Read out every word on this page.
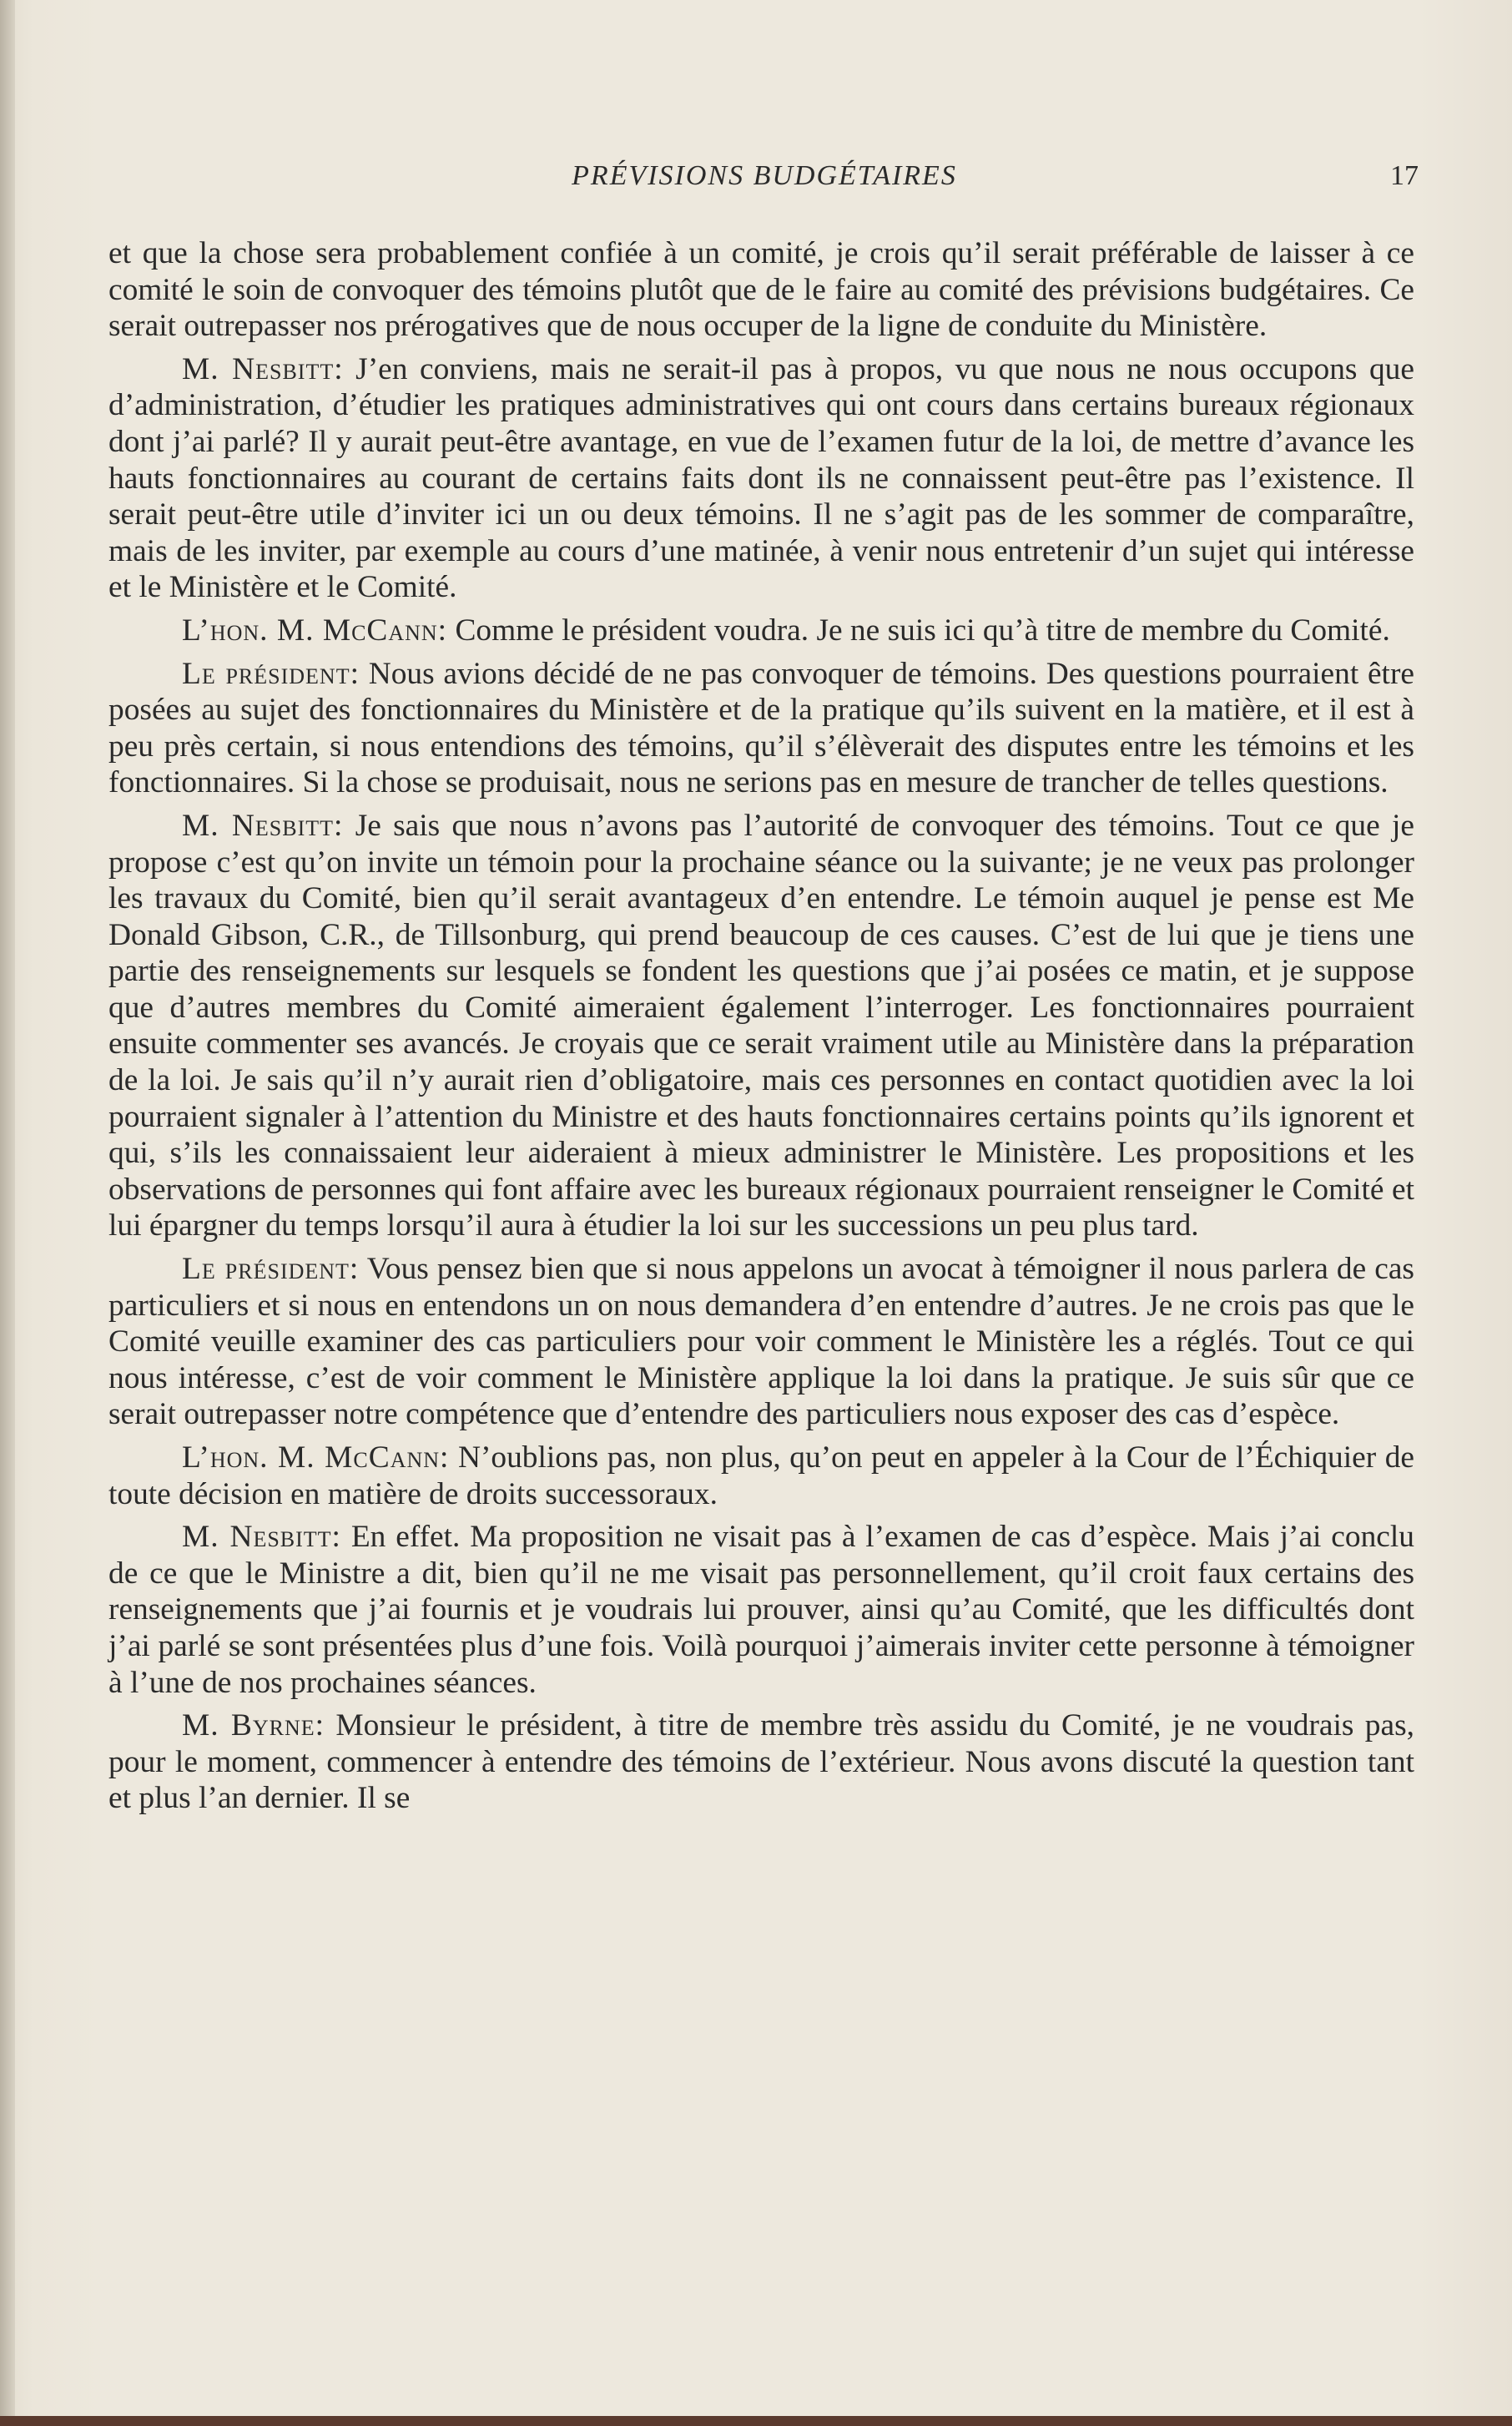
PRÉVISIONS BUDGÉTAIRES	17

et que la chose sera probablement confiée à un comité, je crois qu’il serait préférable de laisser à ce comité le soin de convoquer des témoins plutôt que de le faire au comité des prévisions budgétaires. Ce serait outrepasser nos prérogatives que de nous occuper de la ligne de conduite du Ministère.

M. Nesbitt: J’en conviens, mais ne serait-il pas à propos, vu que nous ne nous occupons que d’administration, d’étudier les pratiques administratives qui ont cours dans certains bureaux régionaux dont j’ai parlé? Il y aurait peut-être avantage, en vue de l’examen futur de la loi, de mettre d’avance les hauts fonctionnaires au courant de certains faits dont ils ne connaissent peut-être pas l’existence. Il serait peut-être utile d’inviter ici un ou deux témoins. Il ne s’agit pas de les sommer de comparaître, mais de les inviter, par exemple au cours d’une matinée, à venir nous entretenir d’un sujet qui intéresse et le Ministère et le Comité.

L’hon. M. McCann: Comme le président voudra. Je ne suis ici qu’à titre de membre du Comité.

Le président: Nous avions décidé de ne pas convoquer de témoins. Des questions pourraient être posées au sujet des fonctionnaires du Ministère et de la pratique qu’ils suivent en la matière, et il est à peu près certain, si nous entendions des témoins, qu’il s’élèverait des disputes entre les témoins et les fonctionnaires. Si la chose se produisait, nous ne serions pas en mesure de trancher de telles questions.

M. Nesbitt: Je sais que nous n’avons pas l’autorité de convoquer des témoins. Tout ce que je propose c’est qu’on invite un témoin pour la prochaine séance ou la suivante; je ne veux pas prolonger les travaux du Comité, bien qu’il serait avantageux d’en entendre. Le témoin auquel je pense est Me Donald Gibson, C.R., de Tillsonburg, qui prend beaucoup de ces causes. C’est de lui que je tiens une partie des renseignements sur lesquels se fondent les questions que j’ai posées ce matin, et je suppose que d’autres membres du Comité aimeraient également l’interroger. Les fonctionnaires pourraient ensuite commenter ses avancés. Je croyais que ce serait vraiment utile au Ministère dans la préparation de la loi. Je sais qu’il n’y aurait rien d’obligatoire, mais ces personnes en contact quotidien avec la loi pourraient signaler à l’attention du Ministre et des hauts fonctionnaires certains points qu’ils ignorent et qui, s’ils les connaissaient leur aideraient à mieux administrer le Ministère. Les propositions et les observations de personnes qui font affaire avec les bureaux régionaux pourraient renseigner le Comité et lui épargner du temps lorsqu’il aura à étudier la loi sur les successions un peu plus tard.

Le président: Vous pensez bien que si nous appelons un avocat à témoigner il nous parlera de cas particuliers et si nous en entendons un on nous demandera d’en entendre d’autres. Je ne crois pas que le Comité veuille examiner des cas particuliers pour voir comment le Ministère les a réglés. Tout ce qui nous intéresse, c’est de voir comment le Ministère applique la loi dans la pratique. Je suis sûr que ce serait outrepasser notre compétence que d’entendre des particuliers nous exposer des cas d’espèce.

L’hon. M. McCann: N’oublions pas, non plus, qu’on peut en appeler à la Cour de l’Échiquier de toute décision en matière de droits successoraux.

M. Nesbitt: En effet. Ma proposition ne visait pas à l’examen de cas d’espèce. Mais j’ai conclu de ce que le Ministre a dit, bien qu’il ne me visait pas personnellement, qu’il croit faux certains des renseignements que j’ai fournis et je voudrais lui prouver, ainsi qu’au Comité, que les difficultés dont j’ai parlé se sont présentées plus d’une fois. Voilà pourquoi j’aimerais inviter cette personne à témoigner à l’une de nos prochaines séances.

M. Byrne: Monsieur le président, à titre de membre très assidu du Comité, je ne voudrais pas, pour le moment, commencer à entendre des témoins de l’extérieur. Nous avons discuté la question tant et plus l’an dernier. Il se
